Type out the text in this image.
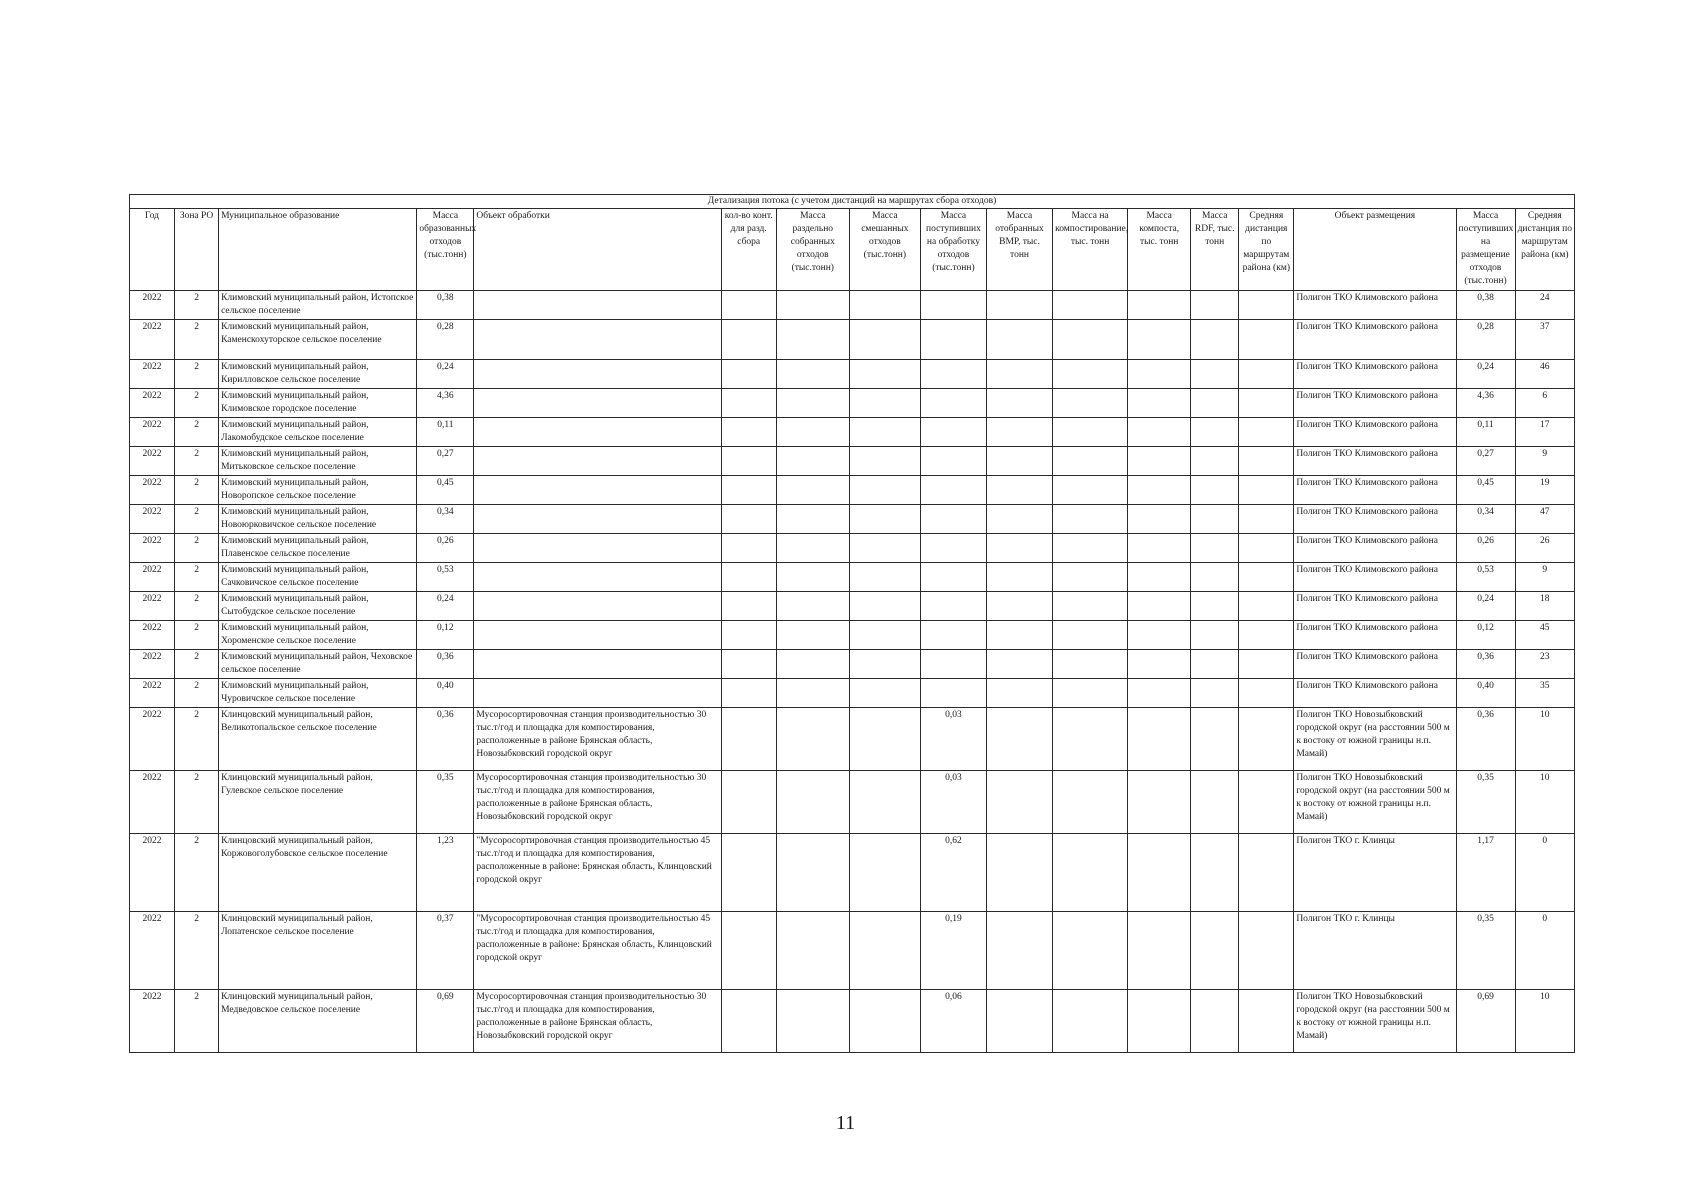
Детализация потока (с учетом дистанций на маршрутах сбора отходов)																
Год	Зона РО	Муниципальное образование	Масса образованных отходов (тыс.тонн)	Объект обработки	кол-во конт. для разд. сбора	Масса раздельно собранных отходов (тыс.тонн)	Масса смешанных отходов (тыс.тонн)	Масса поступивших на обработку отходов (тыс.тонн)	Масса отобранных ВМР, тыс. тонн	Масса на компостирование, тыс. тонн	Масса компоста, тыс. тонн	Масса RDF, тыс. тонн	Средняя дистанция по маршрутам района (км)	Объект размещения	Масса поступивших на размещение отходов (тыс.тонн)	Средняя дистанция по маршрутам района (км)
2022	2	Климовский муниципальный район, Истопское сельское поселение	0,38											Полигон ТКО Климовского района	0,38	24
2022	2	Климовский муниципальный район, Каменскохуторское сельское поселение	0,28											Полигон ТКО Климовского района	0,28	37
2022	2	Климовский муниципальный район, Кирилловское сельское поселение	0,24											Полигон ТКО Климовского района	0,24	46
2022	2	Климовский муниципальный район, Климовское городское поселение	4,36											Полигон ТКО Климовского района	4,36	6
2022	2	Климовский муниципальный район, Лакомобудское сельское поселение	0,11											Полигон ТКО Климовского района	0,11	17
2022	2	Климовский муниципальный район, Митьковское сельское поселение	0,27											Полигон ТКО Климовского района	0,27	9
2022	2	Климовский муниципальный район, Новоропское сельское поселение	0,45											Полигон ТКО Климовского района	0,45	19
2022	2	Климовский муниципальный район, Новоюрковичское сельское поселение	0,34											Полигон ТКО Климовского района	0,34	47
2022	2	Климовский муниципальный район, Плавенское сельское поселение	0,26											Полигон ТКО Климовского района	0,26	26
2022	2	Климовский муниципальный район, Сачковичское сельское поселение	0,53											Полигон ТКО Климовского района	0,53	9
2022	2	Климовский муниципальный район, Сытобудское сельское поселение	0,24											Полигон ТКО Климовского района	0,24	18
2022	2	Климовский муниципальный район, Хороменское сельское поселение	0,12											Полигон ТКО Климовского района	0,12	45
2022	2	Климовский муниципальный район, Чеховское сельское поселение	0,36											Полигон ТКО Климовского района	0,36	23
2022	2	Климовский муниципальный район, Чуровичское сельское поселение	0,40											Полигон ТКО Климовского района	0,40	35
2022	2	Клинцовский муниципальный район, Великотопальское сельское поселение	0,36	Мусоросортировочная станция производительностью 30 тыс.т/год и площадка для компостирования, расположенные в районе Брянская область, Новозыбковский городской округ				0,03						Полигон ТКО Новозыбковский городской округ (на расстоянии 500 м к востоку от южной границы н.п. Мамай)	0,36	10
2022	2	Клинцовский муниципальный район, Гулевское сельское поселение	0,35	Мусоросортировочная станция производительностью 30 тыс.т/год и площадка для компостирования, расположенные в районе Брянская область, Новозыбковский городской округ				0,03						Полигон ТКО Новозыбковский городской округ (на расстоянии 500 м к востоку от южной границы н.п. Мамай)	0,35	10
2022	2	Клинцовский муниципальный район, Коржовоголубовское сельское поселение	1,23	"Мусоросортировочная станция производительностью 45 тыс.т/год и площадка для компостирования, расположенные в районе: Брянская область, Клинцовский городской округ				0,62						Полигон ТКО г. Клинцы	1,17	0
2022	2	Клинцовский муниципальный район, Лопатенское сельское поселение	0,37	"Мусоросортировочная станция производительностью 45 тыс.т/год и площадка для компостирования, расположенные в районе: Брянская область, Клинцовский городской округ				0,19						Полигон ТКО г. Клинцы	0,35	0
2022	2	Клинцовский муниципальный район, Медведовское сельское поселение	0,69	Мусоросортировочная станция производительностью 30 тыс.т/год и площадка для компостирования, расположенные в районе Брянская область, Новозыбковский городской округ				0,06						Полигон ТКО Новозыбковский городской округ (на расстоянии 500 м к востоку от южной границы н.п. Мамай)	0,69	10
11
